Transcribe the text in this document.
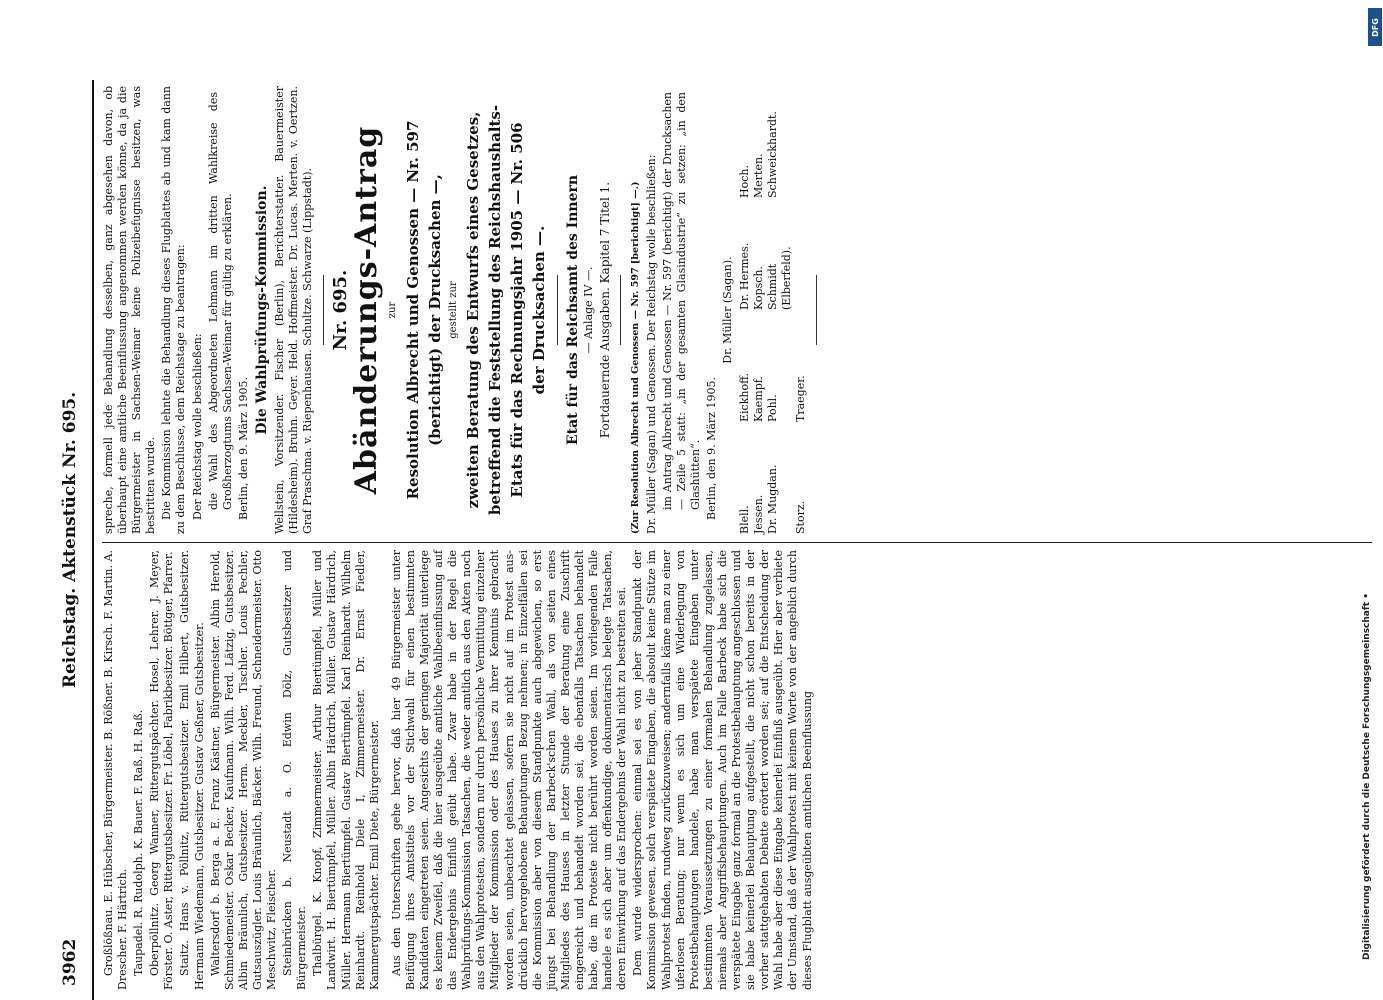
3962
Reichstag. Aktenstück Nr. 695.

Großlößnau. E. Hübscher, Bürgermeister. B. Rößner. B. Kirsch. F. Martin. A. Drescher. F. Härtrich. Taupadel. R. Rudolph. K. Bauer. F. Raß. H. Raß. Oberpöllnitz. Georg Wanner, Rittergutspächter. Hosel, Lehrer. J. Meyer, Förster. O. Aster, Rittergutsbesitzer. Fr. Löbel, Fabrikbesitzer. Böttger, Pfarrer. Staitz. Hans v. Pöllnitz, Rittergutsbesitzer. Emil Hilbert, Gutsbesitzer. Hermann Wiedemann, Gutsbesitzer. Gustav Geßner, Gutsbesitzer. Waltersdorf b. Berga a. E. Franz Kästner, Bürgermeister. Albin Herold, Schmiedemeister. Oskar Becker, Kaufmann. Wilh. Ferd. Lätzig, Gutsbesitzer. Albin Bräunlich, Gutsbesitzer. Herm. Meckler, Tischler. Louis Pechler, Gutsauszügler. Louis Bräunlich, Bäcker. Wilh. Freund, Schneidermeister. Otto Meschwitz, Fleischer. Steinbrücken b. Neustadt a. O. Edwin Dölz, Gutsbesitzer und Bürgermeister. Thalbürgel. K. Knopf, Zimmermeister. Arthur Biertümpfel, Müller und Landwirt. H. Biertümpfel, Müller. Albin Härdrich, Müller. Gustav Härdrich, Müller. Hermann Biertümpfel. Gustav Biertümpfel. Karl Reinhardt. Wilhelm Reinhardt. Reinhold Diele I, Zimmermeister. Dr. Ernst Fiedler, Kammergutspächter. Emil Diete, Bürgermeister. Aus den Unterschriften gehe hervor, daß hier 49 Bürgermeister unter Beifügung ihres Amtstitels vor der Stichwahl für einen bestimmten Kandidaten eingetreten seien. Angesichts der geringen Majorität unterliege es keinem Zweifel, daß die hier ausgeübte amtliche Wahlbeeinflussung auf das Endergebnis Einfluß geübt habe. Zwar habe in der Regel die Wahlprüfungs-Kommission Tatsachen, die weder amtlich aus den Akten noch aus den Wahlprotesten, sondern nur durch persönliche Vermittlung einzelner Mitglieder der Kommission oder des Hauses zu ihrer Kenntnis gebracht worden seien, unbeachtet gelassen, sofern sie nicht auf im Protest ausdrücklich hervorgehobene Behauptungen Bezug nehmen; in Einzelfällen sei die Kommission aber von diesem Standpunkte auch abgewichen, so erst jüngst bei Behandlung der Barbeck'schen Wahl, als von seiten eines Mitgliedes des Hauses in letzter Stunde der Beratung eine Zuschrift eingereicht und behandelt worden sei, die ebenfalls Tatsachen behandelt habe, die im Proteste nicht berührt worden seien. Im vorliegenden Falle handele es sich aber um offenkundige, dokumentarisch belegte Tatsachen, deren Einwirkung auf das Endergebnis der Wahl nicht zu bestreiten sei. Dem wurde widersprochen: einmal sei es von jeher Standpunkt der Kommission gewesen, solch verspätete Eingaben, die absolut keine Stütze im Wahlprotest finden, rundweg zurückzuweisen; andernfalls käme man zu einer uferlosen Beratung; nur wenn es sich um eine Widerlegung von Protestbehauptungen handele, habe man verspätete Eingaben unter bestimmten Voraussetzungen zu einer formalen Behandlung zugelassen, niemals aber Angriffsbehauptungen. Auch im Falle Barbeck habe sich die verspätete Eingabe ganz formal an die Protestbehauptung angeschlossen und sie habe keinerlei Behauptung aufgestellt, die nicht schon bereits in der vorher stattgehabten Debatte erörtert worden sei; auf die Entscheidung der Wahl habe aber diese Eingabe keinerlei Einfluß ausgeübt. Hier aber verbiete der Umstand, daß der Wahlprotest mit keinem Worte von der angeblich durch dieses Flugblatt ausgeübten amtlichen Beeinflussung

spreche, formell jede Behandlung desselben, ganz abgesehen davon, ob überhaupt eine amtliche Beeinflussung angenommen werden könne, da ja die Bürgermeister in Sachsen-Weimar keine Polizeibefugnisse besitzen, was bestritten wurde. Die Kommission lehnte die Behandlung dieses Flugblattes ab und kam dann zu dem Beschlusse, dem Reichstage zu beantragen: Der Reichstag wolle beschließen: die Wahl des Abgeordneten Lehmann im dritten Wahlkreise des Großherzogtums Sachsen-Weimar für gültig zu erklären. Berlin, den 9. März 1905.

Die Wahlprüfungs-Kommission. Wellstein, Vorsitzender. Fischer (Berlin), Berichterstatter. Bauermeister (Hildesheim). Bruhn. Geyer. Held. Hoffmeister. Dr. Lucas. Merten. v. Oertzen. Graf Praschma. v. Riepenhausen. Schultze. Schwarze (Lippstadt). Nr. 695.

Abänderungs-Antrag zur Resolution Albrecht und Genossen — Nr. 597 (berichtigt) der Drucksachen —, gestellt zur zweiten Beratung des Entwurfs eines Gesetzes, betreffend die Feststellung des Reichshaushalts- Etats für das Rechnungsjahr 1905 — Nr. 506 der Drucksachen —. Etat für das Reichsamt des Innern — Anlage IV —. Fortdauernde Ausgaben. Kapitel 7 Titel 1. (Zur Resolution Albrecht und Genossen — Nr. 597 [berichtigt] —.) Dr. Müller (Sagan) und Genossen. Der Reichstag wolle beschließen: im Antrag Albrecht und Genossen — Nr. 597 (berichtigt) der Drucksachen — Zeile 5 statt: „in der gesamten Glasindustrie“ zu setzen: „in den Glashütten“. Berlin, den 9. März 1905.

Dr. Müller (Sagan).

Blell.
Eickhoff.
Dr. Hermes.
Hoch.
Jessen.
Kaempf.
Kopsch.
Merten.
Dr. Mugdan.
Pohl.
Schmidt (Elberfeld).
Schweickhardt.
Storz.
Traeger.
Digitalisierung gefördert durch die Deutsche Forschungsgemeinschaft •
DFG
